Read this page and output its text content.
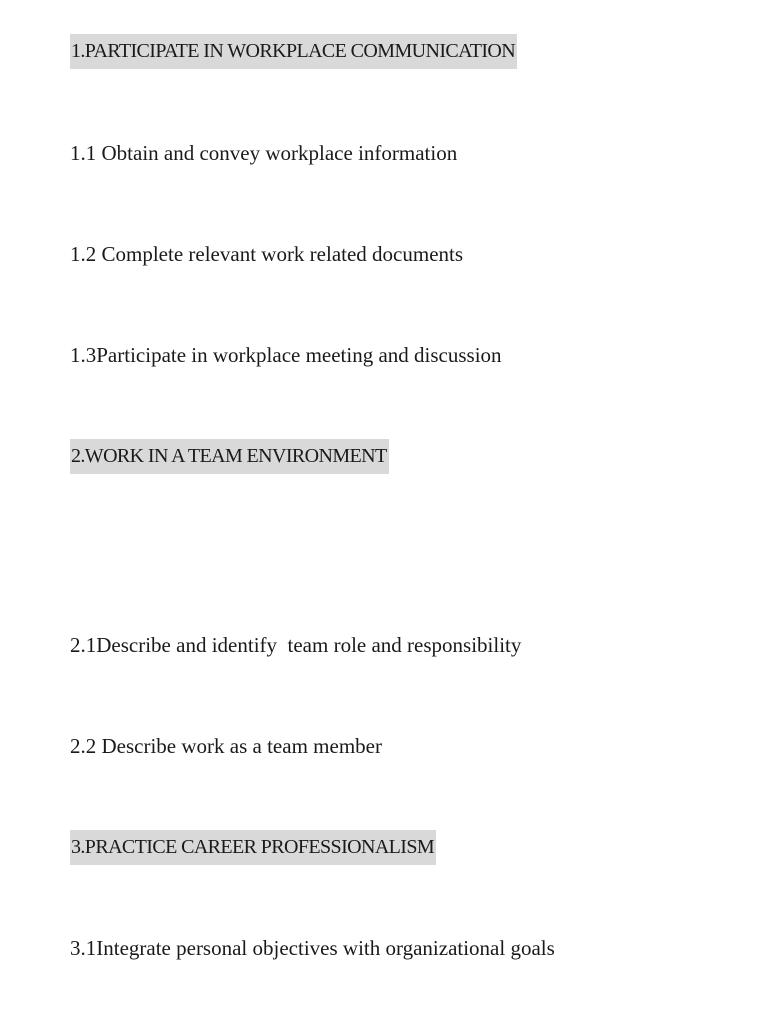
1.PARTICIPATE IN WORKPLACE COMMUNICATION
1.1 Obtain and convey workplace information
1.2 Complete relevant work related documents
1.3Participate in workplace meeting and discussion
2.WORK IN A TEAM ENVIRONMENT
2.1Describe and identify  team role and responsibility
2.2 Describe work as a team member
3.PRACTICE CAREER PROFESSIONALISM
3.1Integrate personal objectives with organizational goals
